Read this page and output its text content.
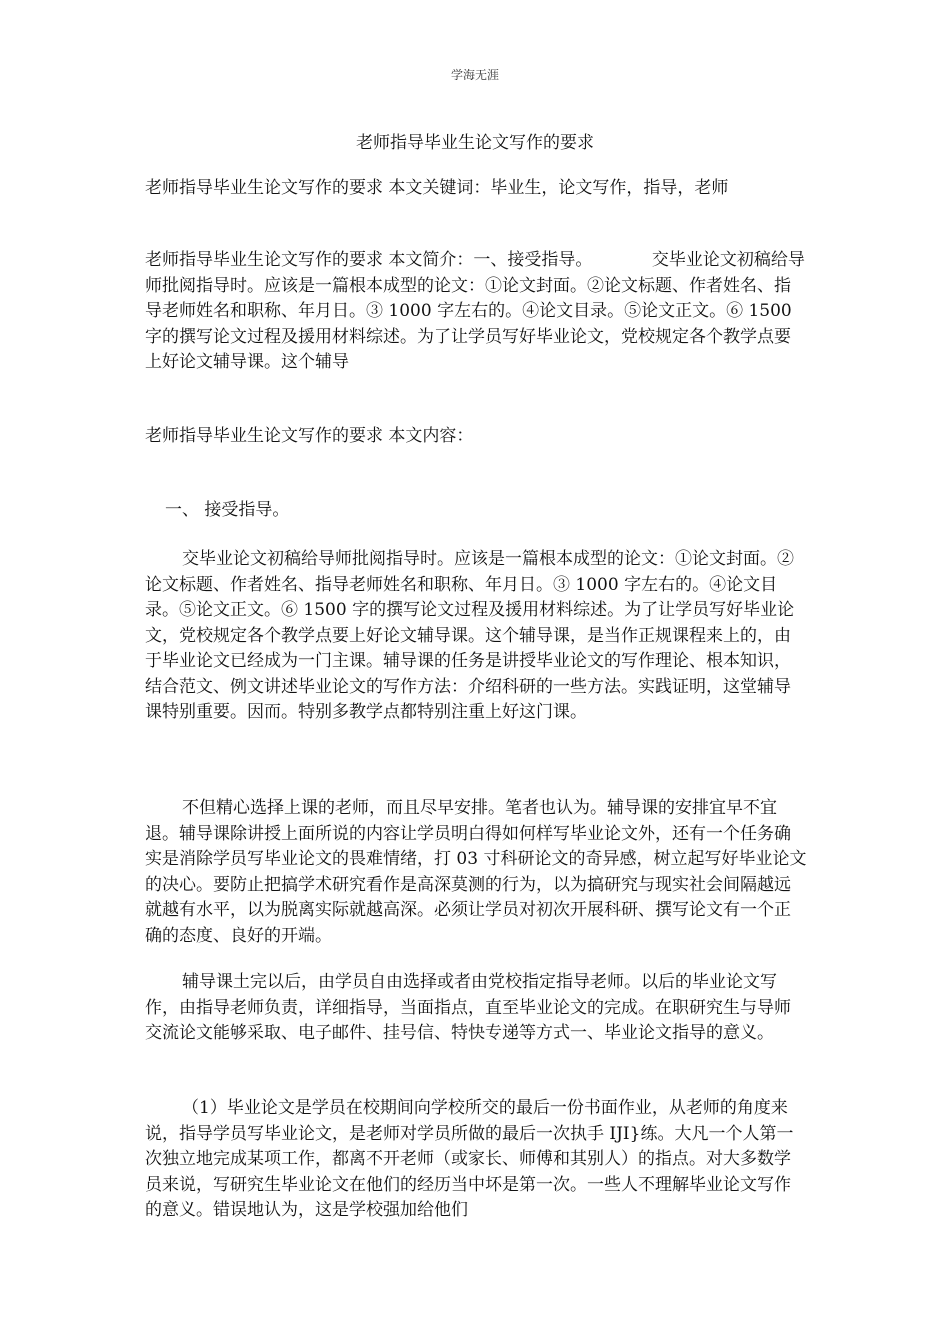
学海无涯
老师指导毕业生论文写作的要求

老师指导毕业生论文写作的要求 本文关键词：毕业生，论文写作，指导，老师

老师指导毕业生论文写作的要求 本文简介：一、接受指导。　　　　交毕业论文初稿给导师批阅指导时。应该是一篇根本成型的论文：①论文封面。②论文标题、作者姓名、指导老师姓名和职称、年月日。③ 1000 字左右的。④论文目录。⑤论文正文。⑥ 1500 字的撰写论文过程及援用材料综述。为了让学员写好毕业论文，党校规定各个教学点要上好论文辅导课。这个辅导

老师指导毕业生论文写作的要求 本文内容：

一、 接受指导。

交毕业论文初稿给导师批阅指导时。应该是一篇根本成型的论文：①论文封面。②论文标题、作者姓名、指导老师姓名和职称、年月日。③ 1000 字左右的。④论文目录。⑤论文正文。⑥ 1500 字的撰写论文过程及援用材料综述。为了让学员写好毕业论文，党校规定各个教学点要上好论文辅导课。这个辅导课，是当作正规课程来上的，由于毕业论文已经成为一门主课。辅导课的任务是讲授毕业论文的写作理论、根本知识，结合范文、例文讲述毕业论文的写作方法：介绍科研的一些方法。实践证明，这堂辅导课特别重要。因而。特别多教学点都特别注重上好这门课。

不但精心选择上课的老师，而且尽早安排。笔者也认为。辅导课的安排宜早不宜退。辅导课除讲授上面所说的内容让学员明白得如何样写毕业论文外，还有一个任务确实是消除学员写毕业论文的畏难情绪，打 03 寸科研论文的奇异感，树立起写好毕业论文的决心。要防止把搞学术研究看作是高深莫测的行为，以为搞研究与现实社会间隔越远就越有水平，以为脱离实际就越高深。必须让学员对初次开展科研、撰写论文有一个正确的态度、良好的开端。

辅导课土完以后，由学员自由选择或者由党校指定指导老师。以后的毕业论文写作，由指导老师负责，详细指导，当面指点，直至毕业论文的完成。在职研究生与导师交流论文能够采取、电子邮件、挂号信、特快专递等方式一、毕业论文指导的意义。

（1）毕业论文是学员在校期间向学校所交的最后一份书面作业，从老师的角度来说，指导学员写毕业论文，是老师对学员所做的最后一次执手 IJI}练。大凡一个人第一次独立地完成某项工作，都离不开老师（或家长、师傅和其别人）的指点。对大多数学员来说，写研究生毕业论文在他们的经历当中坏是第一次。一些人不理解毕业论文写作的意义。错误地认为，这是学校强加给他们
